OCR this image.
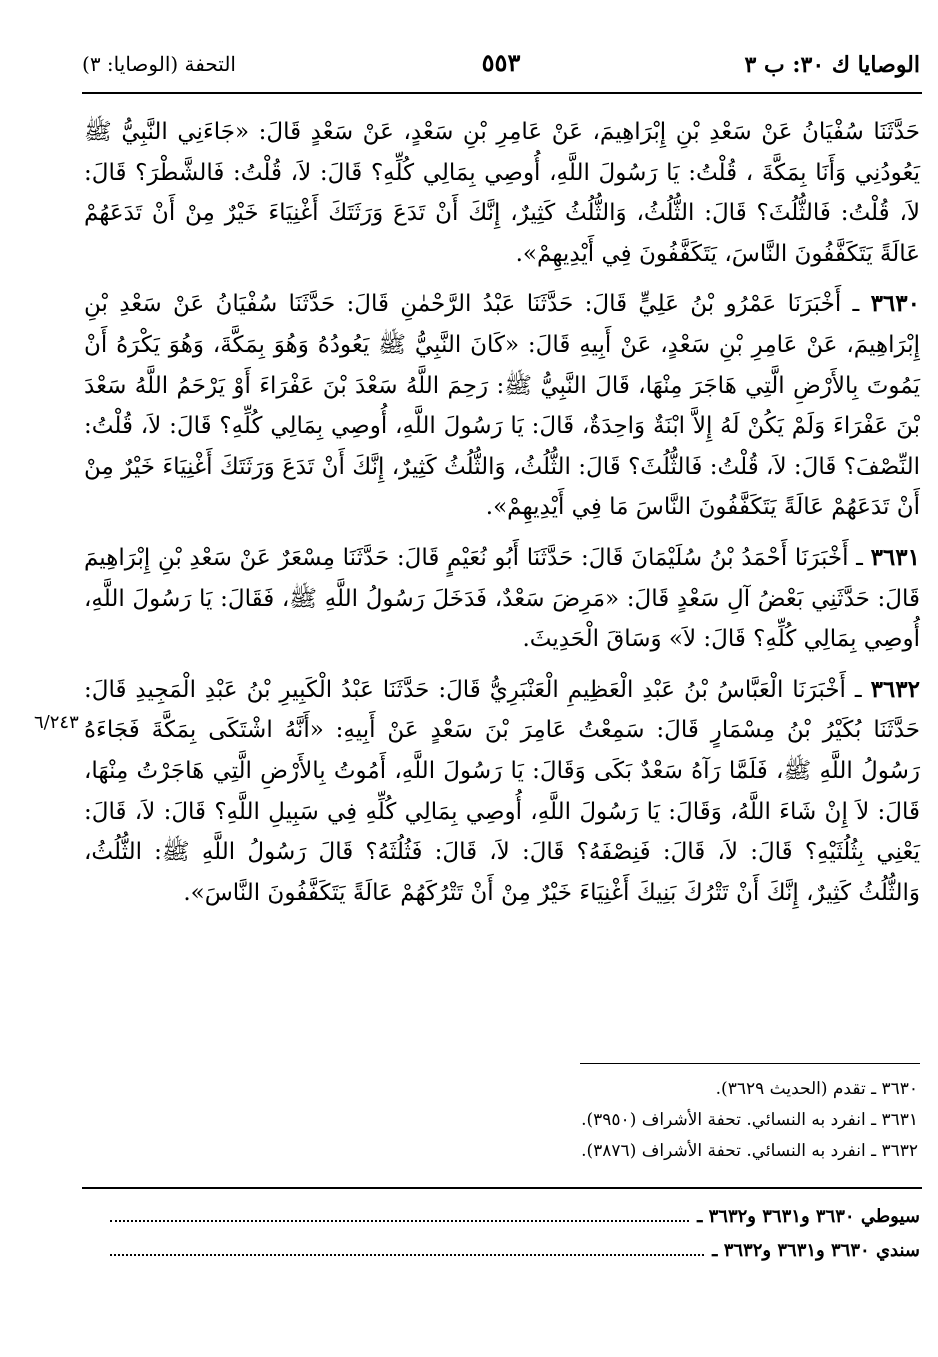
الوصايا ك ٣٠: ب ٣
٥٥٣
التحفة (الوصايا: ٣)

حَدَّثَنَا سُفْيَانُ عَنْ سَعْدِ بْنِ إِبْرَاهِيمَ، عَنْ عَامِرِ بْنِ سَعْدٍ، عَنْ سَعْدٍ قَالَ: «جَاءَنِي النَّبِيُّ ﷺ يَعُودُنِي وَأَنَا بِمَكَّةَ ، قُلْتُ: يَا رَسُولَ اللَّهِ، أُوصِي بِمَالِي كُلِّهِ؟ قَالَ: لاَ، قُلْتُ: فَالشَّطْرَ؟ قَالَ: لاَ، قُلْتُ: فَالثُّلُثَ؟ قَالَ: الثُّلُثُ، وَالثُّلُثُ كَثِيرٌ، إِنَّكَ أَنْ تَدَعَ وَرَثَتَكَ أَغْنِيَاءَ خَيْرٌ مِنْ أَنْ تَدَعَهُمْ عَالَةً يَتَكَفَّفُونَ النَّاسَ، يَتَكَفَّفُونَ فِي أَيْدِيهِمْ».

٣٦٣٠ ـ أَخْبَرَنَا عَمْرُو بْنُ عَلِيٍّ قَالَ: حَدَّثَنَا عَبْدُ الرَّحْمٰنِ قَالَ: حَدَّثَنَا سُفْيَانُ عَنْ سَعْدِ بْنِ إِبْرَاهِيمَ، عَنْ عَامِرِ بْنِ سَعْدٍ، عَنْ أَبِيهِ قَالَ: «كَانَ النَّبِيُّ ﷺ يَعُودُهُ وَهُوَ بِمَكَّةَ، وَهُوَ يَكْرَهُ أَنْ يَمُوتَ بِالأَرْضِ الَّتِي هَاجَرَ مِنْهَا، قَالَ النَّبِيُّ ﷺ: رَحِمَ اللَّهُ سَعْدَ بْنَ عَفْرَاءَ أَوْ يَرْحَمُ اللَّهُ سَعْدَ بْنَ عَفْرَاءَ وَلَمْ يَكُنْ لَهُ إِلاَّ ابْنَةٌ وَاحِدَةٌ، قَالَ: يَا رَسُولَ اللَّهِ، أُوصِي بِمَالِي كُلِّهِ؟ قَالَ: لاَ، قُلْتُ: النِّصْفَ؟ قَالَ: لاَ، قُلْتُ: فَالثُّلُثَ؟ قَالَ: الثُّلُثُ، وَالثُّلُثُ كَثِيرٌ، إِنَّكَ أَنْ تَدَعَ وَرَثَتَكَ أَغْنِيَاءَ خَيْرٌ مِنْ أَنْ تَدَعَهُمْ عَالَةً يَتَكَفَّفُونَ النَّاسَ مَا فِي أَيْدِيهِمْ».

٣٦٣١ ـ أَخْبَرَنَا أَحْمَدُ بْنُ سُلَيْمَانَ قَالَ: حَدَّثَنَا أَبُو نُعَيْمٍ قَالَ: حَدَّثَنَا مِسْعَرٌ عَنْ سَعْدِ بْنِ إِبْرَاهِيمَ قَالَ: حَدَّثَنِي بَعْضُ آلِ سَعْدٍ قَالَ: «مَرِضَ سَعْدٌ، فَدَخَلَ رَسُولُ اللَّهِ ﷺ، فَقَالَ: يَا رَسُولَ اللَّهِ، أُوصِي بِمَالِي كُلِّهِ؟ قَالَ: لاَ» وَسَاقَ الْحَدِيثَ.

٣٦٣٢ ـ أَخْبَرَنَا الْعَبَّاسُ بْنُ عَبْدِ الْعَظِيمِ الْعَنْبَرِيُّ قَالَ: حَدَّثَنَا عَبْدُ الْكَبِيرِ بْنُ عَبْدِ الْمَجِيدِ قَالَ: حَدَّثَنَا بُكَيْرُ بْنُ مِسْمَارٍ قَالَ: سَمِعْتُ عَامِرَ بْنَ سَعْدٍ عَنْ أَبِيهِ: «أَنَّهُ اشْتَكَى بِمَكَّةَ فَجَاءَهُ رَسُولُ اللَّهِ ﷺ، فَلَمَّا رَآهُ سَعْدٌ بَكَى وَقَالَ: يَا رَسُولَ اللَّهِ، أَمُوتُ بِالأَرْضِ الَّتِي هَاجَرْتُ مِنْهَا، قَالَ: لاَ إِنْ شَاءَ اللَّهُ، وَقَالَ: يَا رَسُولَ اللَّهِ، أُوصِي بِمَالِي كُلِّهِ فِي سَبِيلِ اللَّهِ؟ قَالَ: لاَ، قَالَ: يَعْنِي بِثُلُثَيْهِ؟ قَالَ: لاَ، قَالَ: فَنِصْفَهُ؟ قَالَ: لاَ، قَالَ: فَثُلُثَهُ؟ قَالَ رَسُولُ اللَّهِ ﷺ: الثُّلُثُ، وَالثُّلُثُ كَثِيرٌ، إِنَّكَ أَنْ تَتْرُكَ بَنِيكَ أَغْنِيَاءَ خَيْرٌ مِنْ أَنْ تَتْرُكَهُمْ عَالَةً يَتَكَفَّفُونَ النَّاسَ».

٦/٢٤٣
٣٦٣٠ ـ تقدم (الحديث ٣٦٢٩).
٣٦٣١ ـ انفرد به النسائي. تحفة الأشراف (٣٩٥٠).
٣٦٣٢ ـ انفرد به النسائي. تحفة الأشراف (٣٨٧٦).
سيوطي ٣٦٣٠ و٣٦٣١ و٣٦٣٢ ـ
سندي ٣٦٣٠ و٣٦٣١ و٣٦٣٢ ـ
